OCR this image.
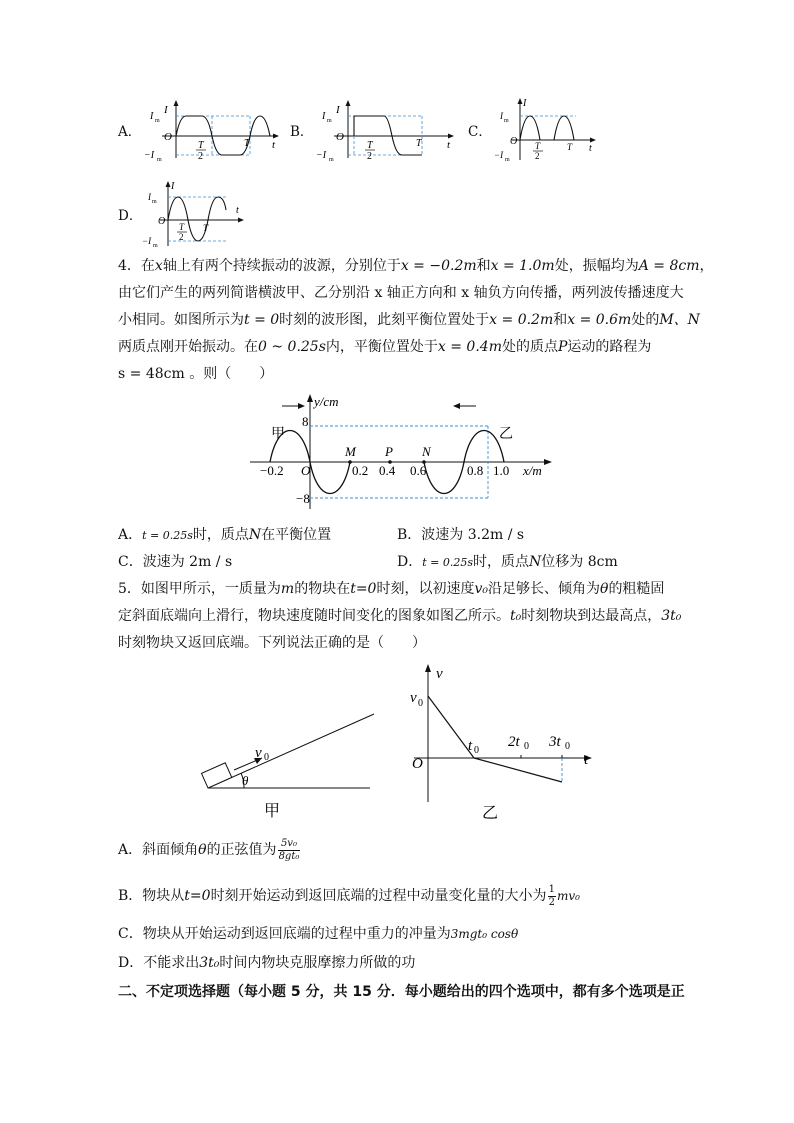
A．
I
I m
O
−I m
T
2
T t
B．
I
I m
O
−I m
T
2
T t
C．
I
I m
O
−I m
T
2
T t
D．
I
I m
O
−I m
T
2
T
t
4．在x轴上有两个持续振动的波源，分别位于x = −0.2m和x = 1.0m处，振幅均为A = 8cm，
由它们产生的两列简谐横波甲、乙分别沿 x 轴正方向和 x 轴负方向传播，两列波传播速度大
小相同。如图所示为t = 0时刻的波形图，此刻平衡位置处于x = 0.2m和x = 0.6m处的M、N
两质点刚开始振动。在0 ~ 0.25s内，平衡位置处于x = 0.4m处的质点P运动的路程为
s = 48cm 。则（　　）
y/cm
x/m
8
−8
O
甲	乙
M P N
−0.2	0.2 0.4 0.6	0.8 1.0
A．t = 0.25s时，质点N在平衡位置	B．波速为 3.2m / s
C．波速为 2m / s	D．t = 0.25s时，质点N位移为 8cm
5．如图甲所示，一质量为m的物块在t=0时刻，以初速度v₀沿足够长、倾角为θ的粗糙固
定斜面底端向上滑行，物块速度随时间变化的图象如图乙所示。t₀时刻物块到达最高点，3t₀
时刻物块又返回底端。下列说法正确的是（　　）
v 0
θ
甲
v
t
O
v 0
t 0
2t 0 3t 0
乙
A．斜面倾角θ的正弦值为 $\frac{\text{5v₀}}{\text{8gt₀}}$
B．物块从t=0时刻开始运动到返回底端的过程中动量变化量的大小为 $\frac{1}{2} mv_0$
C．物块从开始运动到返回底端的过程中重力的冲量为3mgt₀ cosθ
D．不能求出3t₀时间内物块克服摩擦力所做的功
二、不定项选择题（每小题 5 分，共 15 分．每小题给出的四个选项中，都有多个选项是正
